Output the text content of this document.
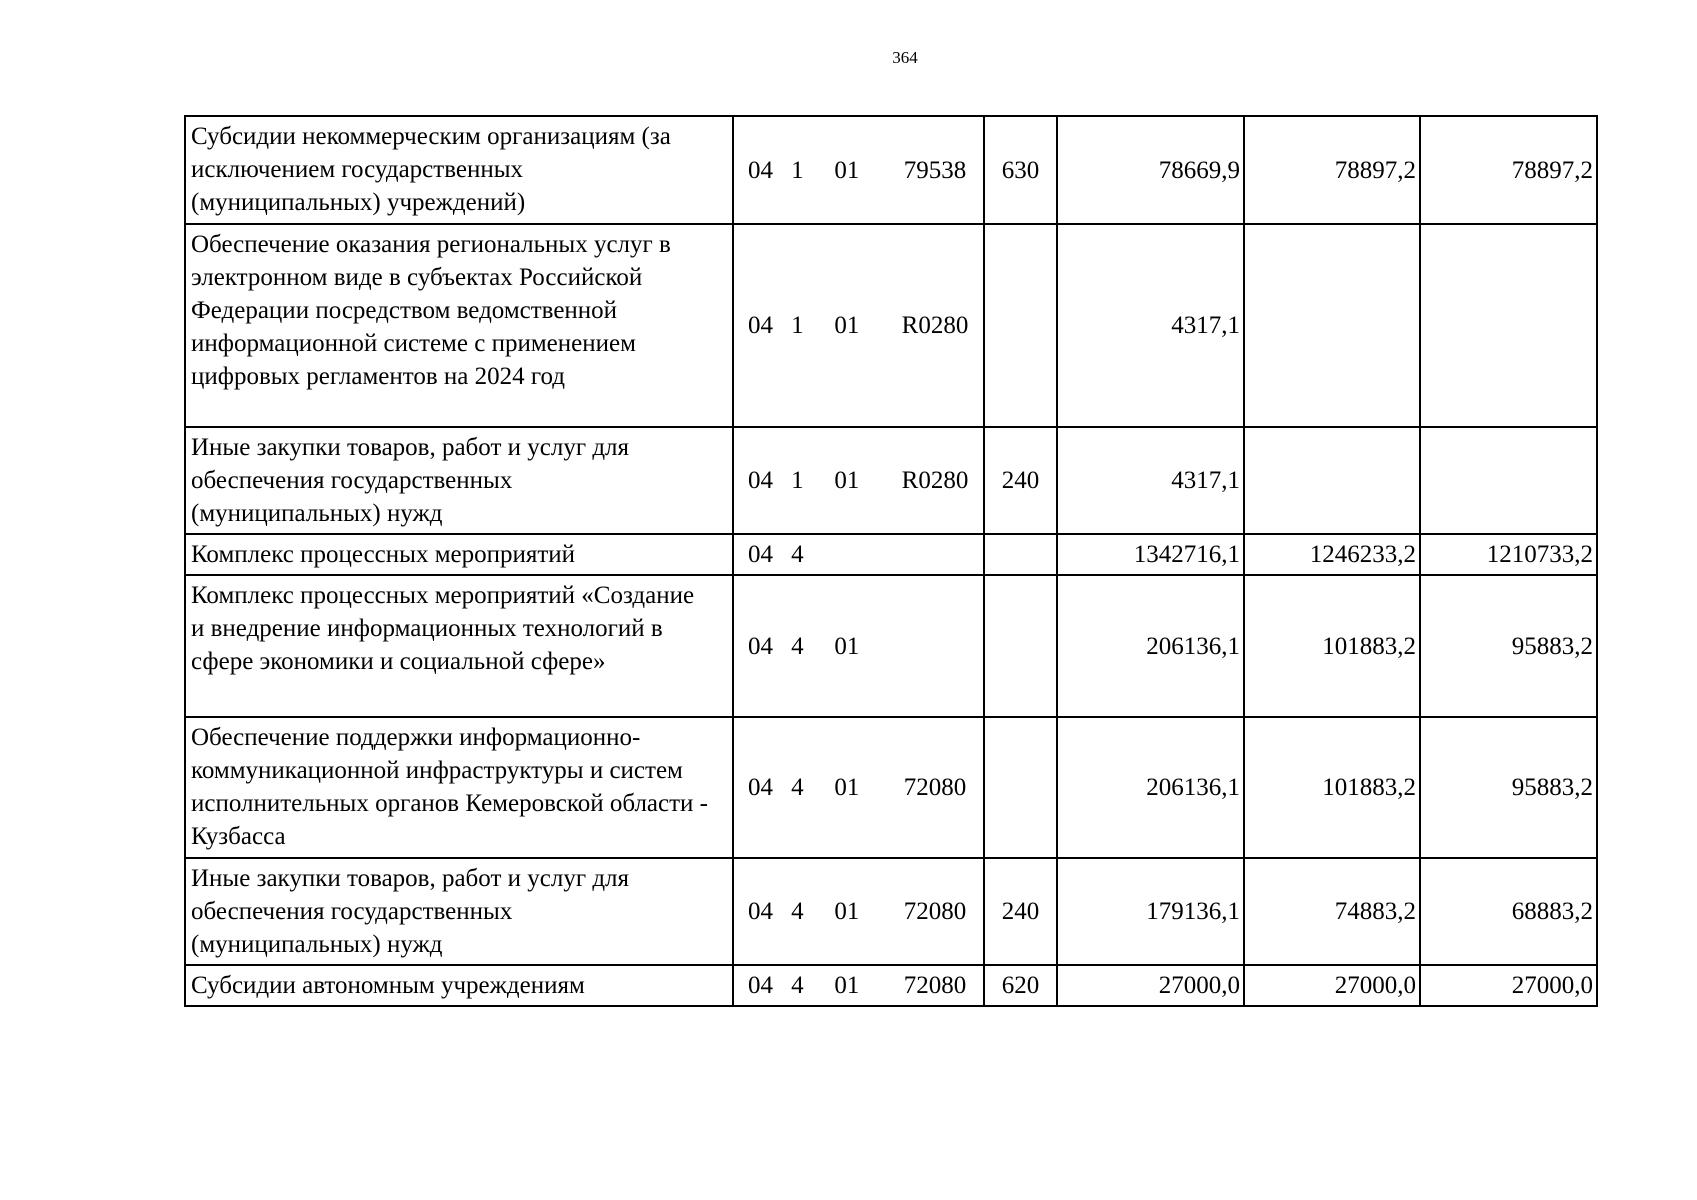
364
Субсидии некоммерческим организациям (за
исключением государственных
(муниципальных) учреждений)	04 1 01 79538	630	78669,9	78897,2	78897,2

Обеспечение оказания региональных услуг в
электронном виде в субъектах Российской
Федерации посредством ведомственной
информационной системе с применением
цифровых регламентов на 2024 год	04 1 01 R0280		4317,1		

Иные закупки товаров, работ и услуг для
обеспечения государственных
(муниципальных) нужд	04 1 01 R0280	240	4317,1		

Комплекс процессных мероприятий	04 4		1342716,1	1246233,2	1210733,2

Комплекс процессных мероприятий «Создание
и внедрение информационных технологий в
сфере экономики и социальной сфере»	04 4 01		206136,1	101883,2	95883,2

Обеспечение поддержки информационно-
коммуникационной инфраструктуры и систем
исполнительных органов Кемеровской области -
Кузбасса	04 4 01 72080		206136,1	101883,2	95883,2

Иные закупки товаров, работ и услуг для
обеспечения государственных
(муниципальных) нужд	04 4 01 72080	240	179136,1	74883,2	68883,2

Субсидии автономным учреждениям	04 4 01 72080	620	27000,0	27000,0	27000,0
